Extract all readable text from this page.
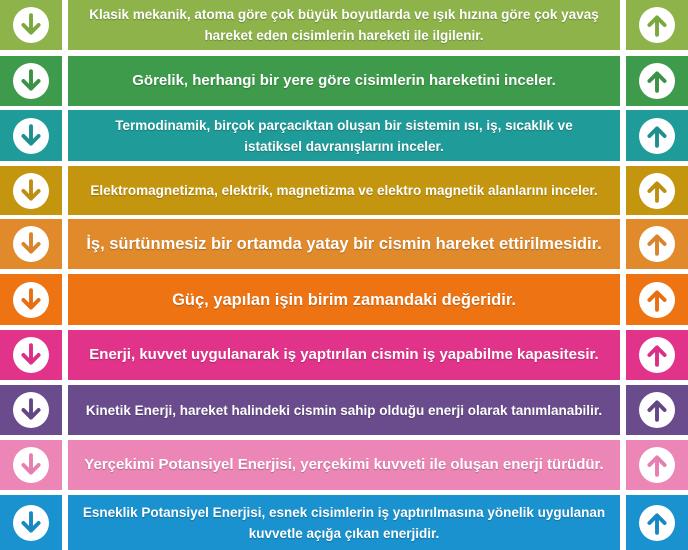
Klasik mekanik, atoma göre çok büyük boyutlarda ve ışık hızına göre çok yavaş
hareket eden cisimlerin hareketi ile ilgilenir.
Görelik, herhangi bir yere göre cisimlerin hareketini inceler.
Termodinamik, birçok parçacıktan oluşan bir sistemin ısı, iş, sıcaklık ve
istatiksel davranışlarını inceler.
Elektromagnetizma, elektrik, magnetizma ve elektro magnetik alanlarını inceler.
İş, sürtünmesiz bir ortamda yatay bir cismin hareket ettirilmesidir.
Güç, yapılan işin birim zamandaki değeridir.
Enerji, kuvvet uygulanarak iş yaptırılan cismin iş yapabilme kapasitesir.
Kinetik Enerji, hareket halindeki cismin sahip olduğu enerji olarak tanımlanabilir.
Yerçekimi Potansiyel Enerjisi, yerçekimi kuvveti ile oluşan enerji türüdür.
Esneklik Potansiyel Enerjisi, esnek cisimlerin iş yaptırılmasına yönelik uygulanan
kuvvetle açığa çıkan enerjidir.
